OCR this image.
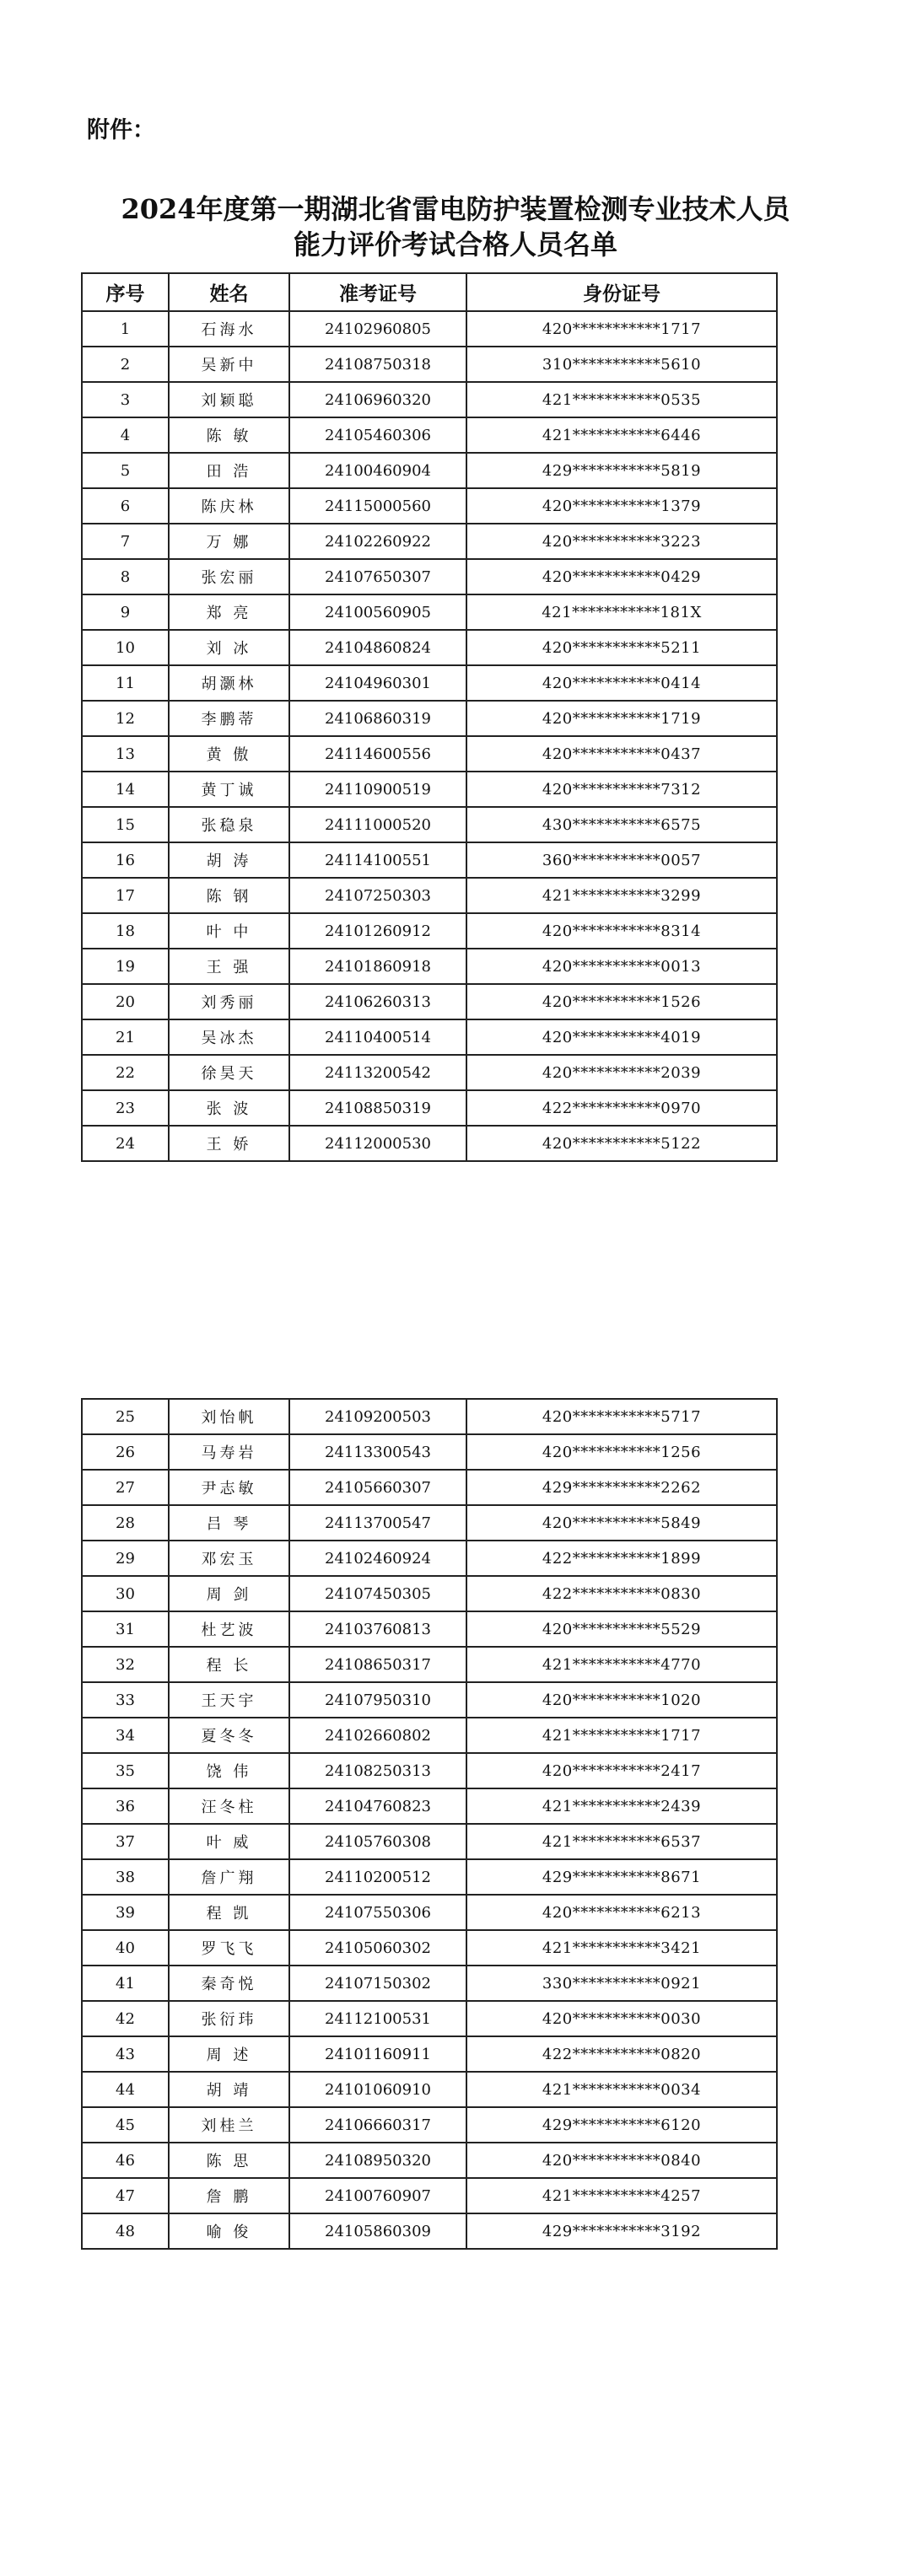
附件：
2024年度第一期湖北省雷电防护装置检测专业技术人员
能力评价考试合格人员名单
序号	姓名	准考证号	身份证号
1	石海水	24102960805	420***********1717
2	吴新中	24108750318	310***********5610
3	刘颖聪	24106960320	421***********0535
4	陈 敏	24105460306	421***********6446
5	田 浩	24100460904	429***********5819
6	陈庆林	24115000560	420***********1379
7	万 娜	24102260922	420***********3223
8	张宏丽	24107650307	420***********0429
9	郑 亮	24100560905	421***********181X
10	刘 冰	24104860824	420***********5211
11	胡灏林	24104960301	420***********0414
12	李鹏蒂	24106860319	420***********1719
13	黄 傲	24114600556	420***********0437
14	黄丁诚	24110900519	420***********7312
15	张稳泉	24111000520	430***********6575
16	胡 涛	24114100551	360***********0057
17	陈 钢	24107250303	421***********3299
18	叶 中	24101260912	420***********8314
19	王 强	24101860918	420***********0013
20	刘秀丽	24106260313	420***********1526
21	吴冰杰	24110400514	420***********4019
22	徐昊天	24113200542	420***********2039
23	张 波	24108850319	422***********0970
24	王 娇	24112000530	420***********5122
25	刘怡帆	24109200503	420***********5717
26	马寿岩	24113300543	420***********1256
27	尹志敏	24105660307	429***********2262
28	吕 琴	24113700547	420***********5849
29	邓宏玉	24102460924	422***********1899
30	周 剑	24107450305	422***********0830
31	杜艺波	24103760813	420***********5529
32	程 长	24108650317	421***********4770
33	王天宇	24107950310	420***********1020
34	夏冬冬	24102660802	421***********1717
35	饶 伟	24108250313	420***********2417
36	汪冬柱	24104760823	421***********2439
37	叶 威	24105760308	421***********6537
38	詹广翔	24110200512	429***********8671
39	程 凯	24107550306	420***********6213
40	罗飞飞	24105060302	421***********3421
41	秦奇悦	24107150302	330***********0921
42	张衍玮	24112100531	420***********0030
43	周 述	24101160911	422***********0820
44	胡 靖	24101060910	421***********0034
45	刘桂兰	24106660317	429***********6120
46	陈 思	24108950320	420***********0840
47	詹 鹏	24100760907	421***********4257
48	喻 俊	24105860309	429***********3192
